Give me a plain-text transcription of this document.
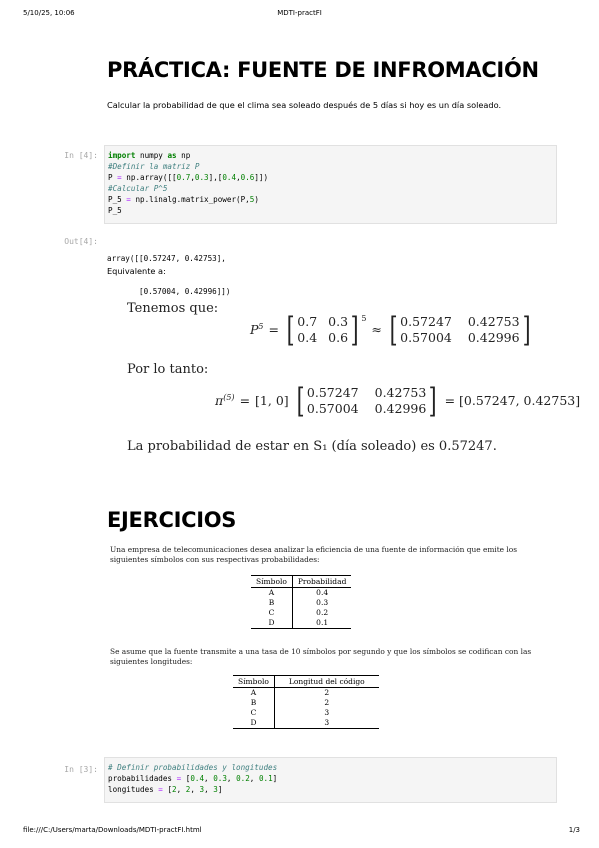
5/10/25, 10:06	MDTI-practFI
PRÁCTICA: FUENTE DE INFROMACIÓN
Calcular la probabilidad de que el clima sea soleado después de 5 días si hoy es un día soleado.
In [4]: import numpy as np
#Definir la matriz P
P = np.array([[0.7,0.3],[0.4,0.6]])
#Calcular P^5
P_5 = np.linalg.matrix_power(P,5)
P_5
Out[4]:

array([[0.57247, 0.42753],

[0.57004, 0.42996]])

Equivalente a:
Tenemos que:
$P^5$ = [ 0.7 0.3
0.4 0.6 ] $^5$
≈ [ 0.57247 0.42753
0.57004 0.42996 ]
Por lo tanto:
$\pi^{(5)} = [1$, 0] [ 0.57247 0.42753
0.57004 0.42996 ] = [0.57247, 0.42753]
La probabilidad de estar en S₁ (día soleado) es 0.57247.
EJERCICIOS
Una empresa de telecomunicaciones desea analizar la eficiencia de una fuente de información que emite los siguientes símbolos con sus respectivas probabilidades:
Símbolo	Probabilidad
A	0.4
B	0.3
C	0.2
D	0.1
Se asume que la fuente transmite a una tasa de 10 símbolos por segundo y que los símbolos se codifican con las siguientes longitudes:
Símbolo	Longitud del código
A	2
B	2
C	3
D	3
In [3]: # Definir probabilidades y longitudes
probabilidades = [0.4, 0.3, 0.2, 0.1]
longitudes = [2, 2, 3, 3]
file:///C:/Users/marta/Downloads/MDTI-practFI.html	1/3
